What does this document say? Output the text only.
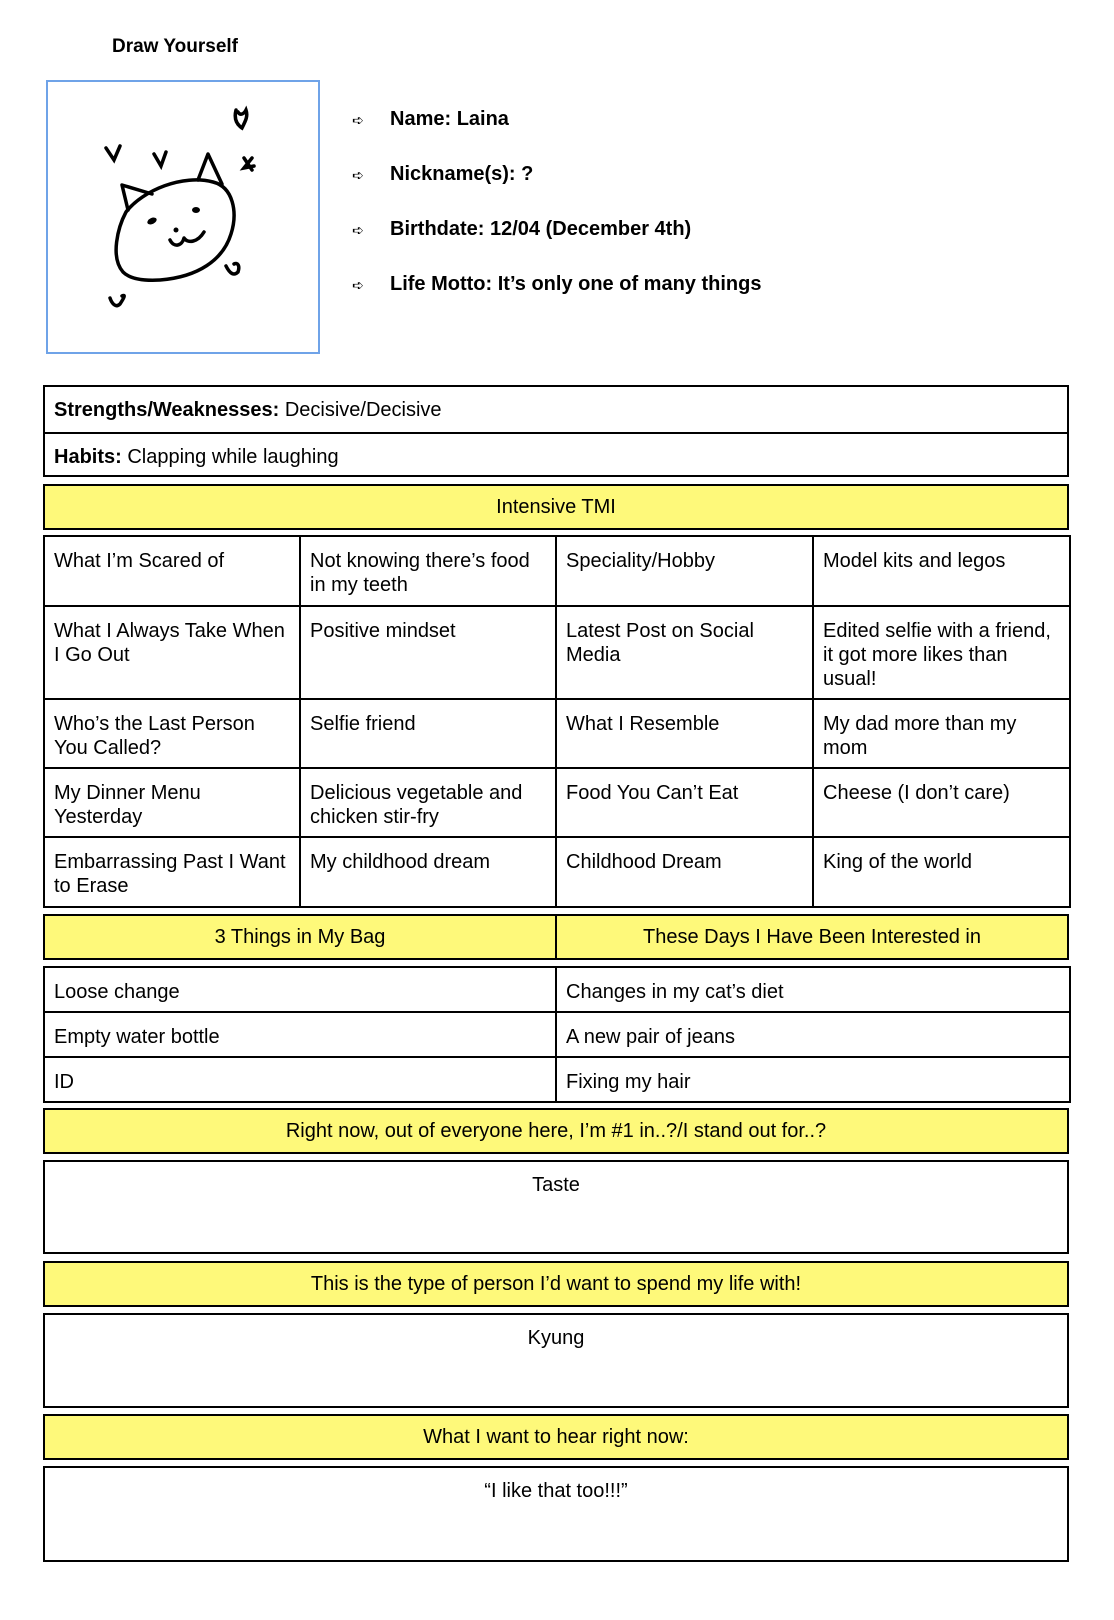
Draw Yourself
➪	Name: Laina
➪	Nickname(s): ?
➪	Birthdate: 12/04 (December 4th)
➪	Life Motto: It’s only one of many things
Strengths/Weaknesses: Decisive/Decisive
Habits: Clapping while laughing
Intensive TMI
What I’m Scared of	Not knowing there’s food in my teeth	Speciality/Hobby	Model kits and legos
What I Always Take When I Go Out	Positive mindset	Latest Post on Social Media	Edited selfie with a friend, it got more likes than usual!
Who’s the Last Person You Called?	Selfie friend	What I Resemble	My dad more than my mom
My Dinner Menu Yesterday	Delicious vegetable and chicken stir-fry	Food You Can’t Eat	Cheese (I don’t care)
Embarrassing Past I Want to Erase	My childhood dream	Childhood Dream	King of the world
3 Things in My Bag	These Days I Have Been Interested in
Loose change	Changes in my cat’s diet
Empty water bottle	A new pair of jeans
ID	Fixing my hair
Right now, out of everyone here, I’m #1 in..?/I stand out for..?
Taste
This is the type of person I’d want to spend my life with!
Kyung
What I want to hear right now:
“I like that too!!!”
